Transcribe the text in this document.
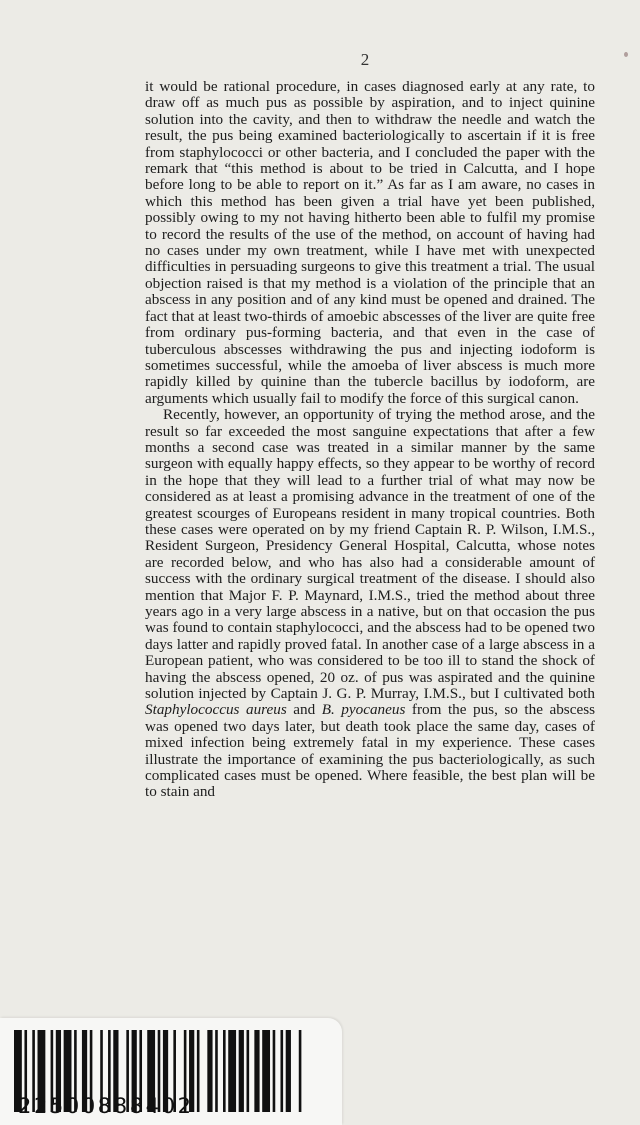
2

it would be rational procedure, in cases diagnosed early at any rate, to draw off as much pus as possible by aspiration, and to inject quinine solution into the cavity, and then to withdraw the needle and watch the result, the pus being examined bacteriologically to ascertain if it is free from staphylococci or other bacteria, and I concluded the paper with the remark that “this method is about to be tried in Calcutta, and I hope before long to be able to report on it.” As far as I am aware, no cases in which this method has been given a trial have yet been published, possibly owing to my not having hitherto been able to fulfil my promise to record the results of the use of the method, on account of having had no cases under my own treatment, while I have met with unexpected difficulties in persuading surgeons to give this treatment a trial. The usual objection raised is that my method is a violation of the principle that an abscess in any position and of any kind must be opened and drained. The fact that at least two-thirds of amoebic abscesses of the liver are quite free from ordinary pus-forming bacteria, and that even in the case of tuberculous abscesses withdrawing the pus and injecting iodoform is sometimes successful, while the amoeba of liver abscess is much more rapidly killed by quinine than the tubercle bacillus by iodoform, are arguments which usually fail to modify the force of this surgical canon.

Recently, however, an opportunity of trying the method arose, and the result so far exceeded the most sanguine expectations that after a few months a second case was treated in a similar manner by the same surgeon with equally happy effects, so they appear to be worthy of record in the hope that they will lead to a further trial of what may now be considered as at least a promising advance in the treatment of one of the greatest scourges of Europeans resident in many tropical countries. Both these cases were operated on by my friend Captain R. P. Wilson, I.M.S., Resident Surgeon, Presidency General Hospital, Calcutta, whose notes are recorded below, and who has also had a considerable amount of success with the ordinary surgical treatment of the disease. I should also mention that Major F. P. Maynard, I.M.S., tried the method about three years ago in a very large abscess in a native, but on that occasion the pus was found to contain staphylococci, and the abscess had to be opened two days latter and rapidly proved fatal. In another case of a large abscess in a European patient, who was considered to be too ill to stand the shock of having the abscess opened, 20 oz. of pus was aspirated and the quinine solution injected by Captain J. G. P. Murray, I.M.S., but I cultivated both Staphylococcus aureus and B. pyocaneus from the pus, so the abscess was opened two days later, but death took place the same day, cases of mixed infection being extremely fatal in my experience. These cases illustrate the importance of examining the pus bacteriologically, as such complicated cases must be opened. Where feasible, the best plan will be to stain and

22500888402
